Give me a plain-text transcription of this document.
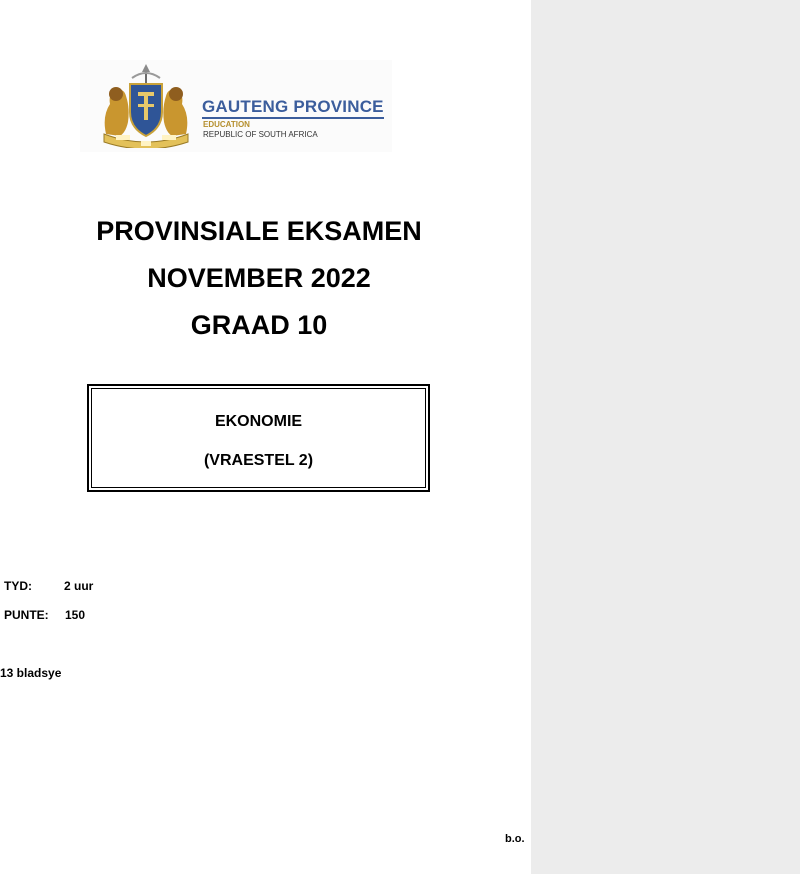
GAUTENG PROVINCE
EDUCATION
REPUBLIC OF SOUTH AFRICA
PROVINSIALE EKSAMEN
NOVEMBER 2022
GRAAD 10
EKONOMIE
(VRAESTEL 2)
TYD:	2 uur
PUNTE: 150
13 bladsye
b.o.
